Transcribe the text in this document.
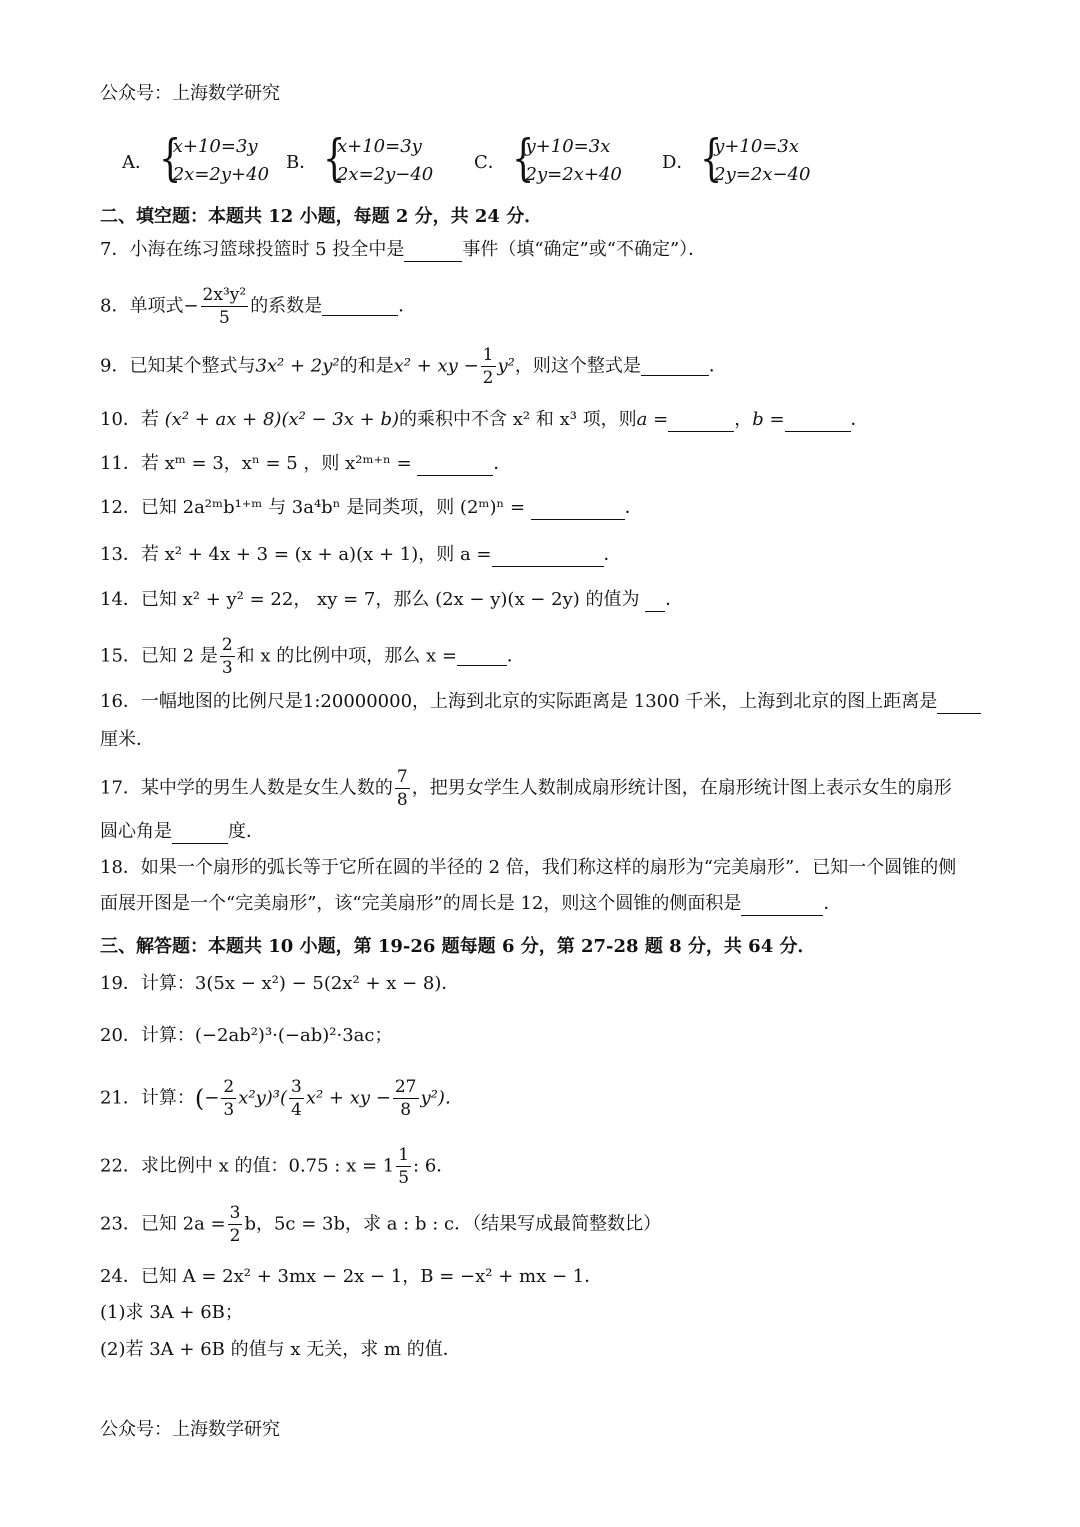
公众号：上海数学研究
A． {
x+10=3y
2x=2y+40
B． {
x+10=3y
2x=2y−40
C． {
y+10=3x
2y=2x+40
D． {
y+10=3x
2y=2x−40
二、填空题：本题共 12 小题，每题 2 分，共 24 分．
7．小海在练习篮球投篮时 5 投全中是	事件（填“确定”或“不确定”）．
8．单项式− $\frac{\text{2x³y²}}{5}$ 的系数是	．
9．已知某个整式与3x² + 2y²的和是x² + xy − $\frac{1}{2} y^2$，则这个整式是	．
10．若 (x² + ax + 8)(x² − 3x + b)的乘积中不含 x² 和 x³ 项，则a =	，b =	．
11．若 xᵐ = 3，xⁿ = 5 ，则 x²ᵐ⁺ⁿ =	．
12．已知 2a²ᵐb¹⁺ᵐ 与 3a⁴bⁿ 是同类项，则 (2ᵐ)ⁿ =	．
13．若 x² + 4x + 3 = (x + a)(x + 1)，则 a =	．
14．已知 x² + y² = 22， xy = 7，那么 (2x − y)(x − 2y) 的值为 ．
15．已知 2 是 $\frac{2}{3}$ 和 x 的比例中项，那么 x =	．
16．一幅地图的比例尺是1:20000000，上海到北京的实际距离是 1300 千米，上海到北京的图上距离是
厘米．
17．某中学的男生人数是女生人数的 $\frac{7}{8}$ ，把男女学生人数制成扇形统计图，在扇形统计图上表示女生的扇形
圆心角是	度．
18．如果一个扇形的弧长等于它所在圆的半径的 2 倍，我们称这样的扇形为“完美扇形”．已知一个圆锥的侧
面展开图是一个“完美扇形”，该“完美扇形”的周长是 12，则这个圆锥的侧面积是	．
三、解答题：本题共 10 小题，第 19-26 题每题 6 分，第 27-28 题 8 分，共 64 分．
19．计算：3(5x − x²) − 5(2x² + x − 8)．
20．计算：(−2ab²)³·(−ab)²·3ac；
21．计算：(− $\frac{2}{3} x^2y)^3( \frac{3}{4} x^2$ + xy − $\frac{27}{8} y^2$)．
22．求比例中 x 的值：0.75 : $x = 1 \frac{1}{5}$ : 6．
23．已知 $2a = \frac{3}{2}$ b，5c = 3b，求 a : b : c．（结果写成最简整数比）
24．已知 A = 2x² + 3mx − 2x − 1，B = −x² + mx − 1．
(1)求 3A + 6B；
(2)若 3A + 6B 的值与 x 无关，求 m 的值．
公众号：上海数学研究
